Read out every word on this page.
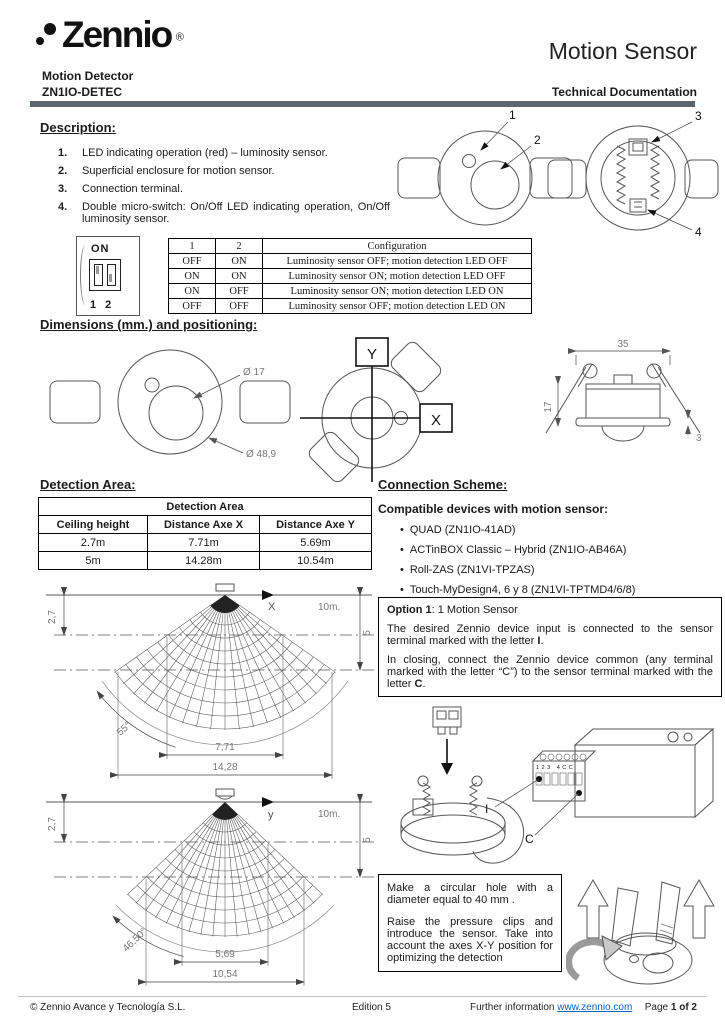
Zennio ®
Motion Sensor
Motion Detector
ZN1IO-DETEC	Technical Documentation
Description:
1.	LED indicating operation (red) – luminosity sensor.
2.	Superficial enclosure for motion sensor.
3.	Connection terminal.
4.	Double micro-switch: On/Off LED indicating operation, On/Off luminosity sensor.
1
2
3
4
ON
1 2
1	2	Configuration
OFF	ON	Luminosity sensor OFF; motion detection LED OFF
ON	ON	Luminosity sensor ON; motion detection LED OFF
ON	OFF	Luminosity sensor ON; motion detection LED ON
OFF	OFF	Luminosity sensor OFF; motion detection LED ON
Dimensions (mm.) and positioning:
Ø 17
Ø 48,9
Y
X
35
17
3
Detection Area:
Detection Area		
Ceiling height	Distance Axe X	Distance Axe Y
2.7m	7.71m	5.69m
5m	14.28m	10.54m
Connection Scheme:
Compatible devices with motion sensor:
• QUAD (ZN1IO-41AD)
• ACTinBOX Classic – Hybrid (ZN1IO-AB46A)
• Roll-ZAS (ZN1VI-TPZAS)
• Touch-MyDesign4, 6 y 8 (ZN1VI-TPTMD4/6/8)

Option 1: 1 Motion Sensor

The desired Zennio device input is connected to the sensor terminal marked with the letter I.

In closing, connect the Zennio device common (any terminal marked with the letter “C”) to the sensor terminal marked with the letter C.

123 4CC
I
C
X	10m.
2,7
5
55°
7,71
14,28
y	10m.
2,7
5
46,50°
5,69
10,54

Make a circular hole with a diameter equal to 40 mm .

Raise the pressure clips and introduce the sensor. Take into account the axes X-Y position for optimizing the detection

© Zennio Avance y Tecnología S.L.	Edition 5	Further information www.zennio.com Page 1 of 2
